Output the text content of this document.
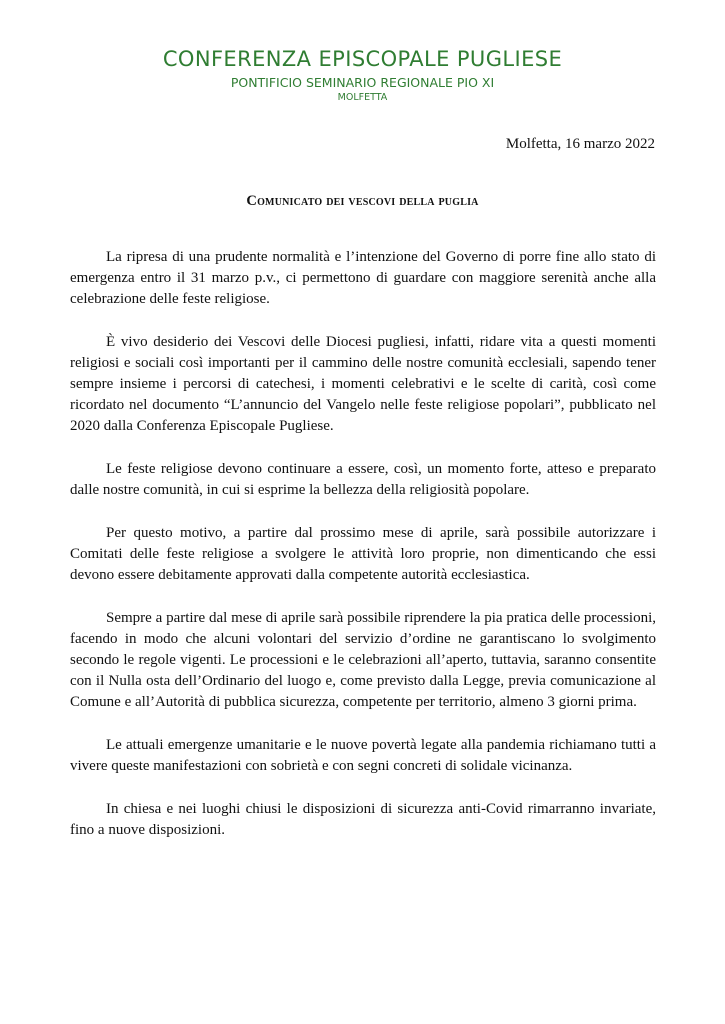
CONFERENZA EPISCOPALE PUGLIESE
PONTIFICIO SEMINARIO REGIONALE PIO XI
MOLFETTA
Molfetta, 16 marzo 2022
Comunicato dei vescovi della puglia

La ripresa di una prudente normalità e l’intenzione del Governo di porre fine allo stato di emergenza entro il 31 marzo p.v., ci permettono di guardare con maggiore serenità anche alla celebrazione delle feste religiose.

È vivo desiderio dei Vescovi delle Diocesi pugliesi, infatti, ridare vita a questi momenti religiosi e sociali così importanti per il cammino delle nostre comunità ecclesiali, sapendo tener sempre insieme i percorsi di catechesi, i momenti celebrativi e le scelte di carità, così come ricordato nel documento “L’annuncio del Vangelo nelle feste religiose popolari”, pubblicato nel 2020 dalla Conferenza Episcopale Pugliese.

Le feste religiose devono continuare a essere, così, un momento forte, atteso e preparato dalle nostre comunità, in cui si esprime la bellezza della religiosità popolare.

Per questo motivo, a partire dal prossimo mese di aprile, sarà possibile autorizzare i Comitati delle feste religiose a svolgere le attività loro proprie, non dimenticando che essi devono essere debitamente approvati dalla competente autorità ecclesiastica.

Sempre a partire dal mese di aprile sarà possibile riprendere la pia pratica delle processioni, facendo in modo che alcuni volontari del servizio d’ordine ne garantiscano lo svolgimento secondo le regole vigenti. Le processioni e le celebrazioni all’aperto, tuttavia, saranno consentite con il Nulla osta dell’Ordinario del luogo e, come previsto dalla Legge, previa comunicazione al Comune e all’Autorità di pubblica sicurezza, competente per territorio, almeno 3 giorni prima.

Le attuali emergenze umanitarie e le nuove povertà legate alla pandemia richiamano tutti a vivere queste manifestazioni con sobrietà e con segni concreti di solidale vicinanza.

In chiesa e nei luoghi chiusi le disposizioni di sicurezza anti-Covid rimarranno invariate, fino a nuove disposizioni.
